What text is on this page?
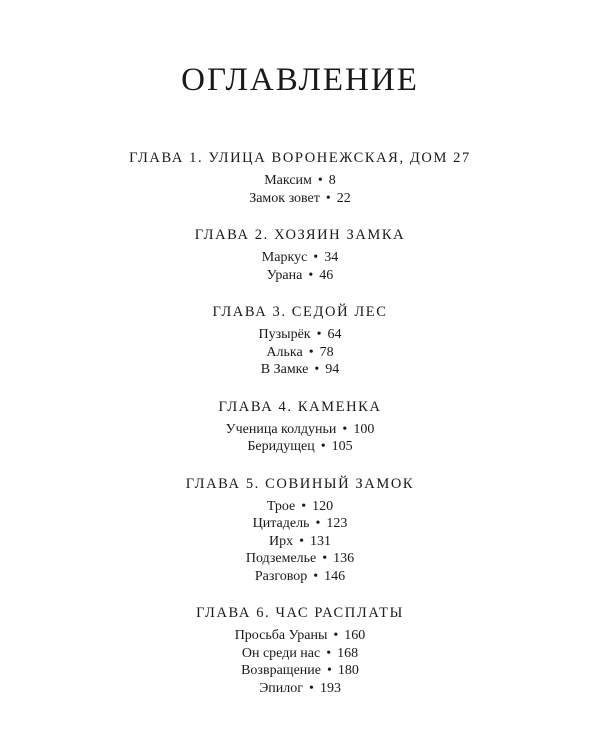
ОГЛАВЛЕНИЕ
ГЛАВА 1. УЛИЦА ВОРОНЕЖСКАЯ, ДОМ 27
Максим • 8
Замок зовет • 22
ГЛАВА 2. ХОЗЯИН ЗАМКА
Маркус • 34
Урана • 46
ГЛАВА 3. СЕДОЙ ЛЕС
Пузырёк • 64
Алька • 78
В Замке • 94
ГЛАВА 4. КАМЕНКА
Ученица колдуньи • 100
Беридущец • 105
ГЛАВА 5. СОВИНЫЙ ЗАМОК
Трое • 120
Цитадель • 123
Ирх • 131
Подземелье • 136
Разговор • 146
ГЛАВА 6. ЧАС РАСПЛАТЫ
Просьба Ураны • 160
Он среди нас • 168
Возвращение • 180
Эпилог • 193
